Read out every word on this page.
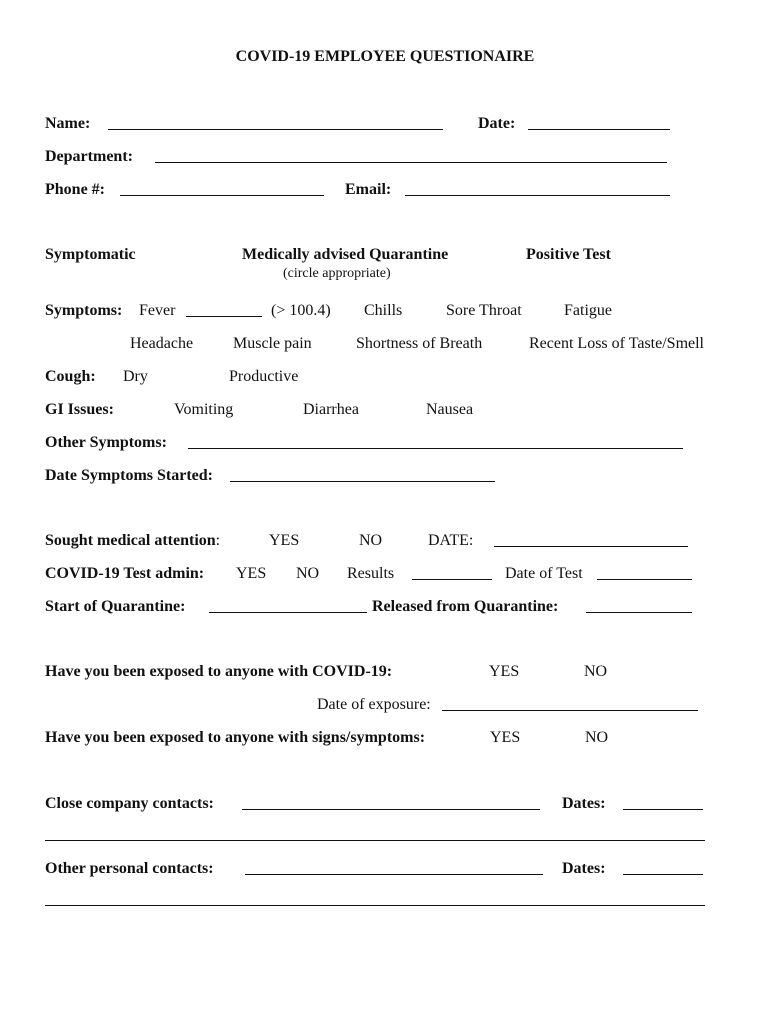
COVID-19 EMPLOYEE QUESTIONAIRE
Name:	Date:
Department:
Phone #:	Email:
Symptomatic	Medically advised Quarantine	Positive Test
(circle appropriate)
Symptoms: Fever	(> 100.4) Chills	Sore Throat	Fatigue
Headache Muscle pain	Shortness of Breath	Recent Loss of Taste/Smell
Cough: Dry	Productive
GI Issues:	Vomiting	Diarrhea	Nausea
Other Symptoms:
Date Symptoms Started:
Sought medical attention:	YES	NO	DATE:
COVID-19 Test admin: YES NO Results	Date of Test
Start of Quarantine:	Released from Quarantine:
Have you been exposed to anyone with COVID-19:	YES	NO
Date of exposure:
Have you been exposed to anyone with signs/symptoms:	YES	NO
Close company contacts:	Dates:
Other personal contacts:	Dates:
